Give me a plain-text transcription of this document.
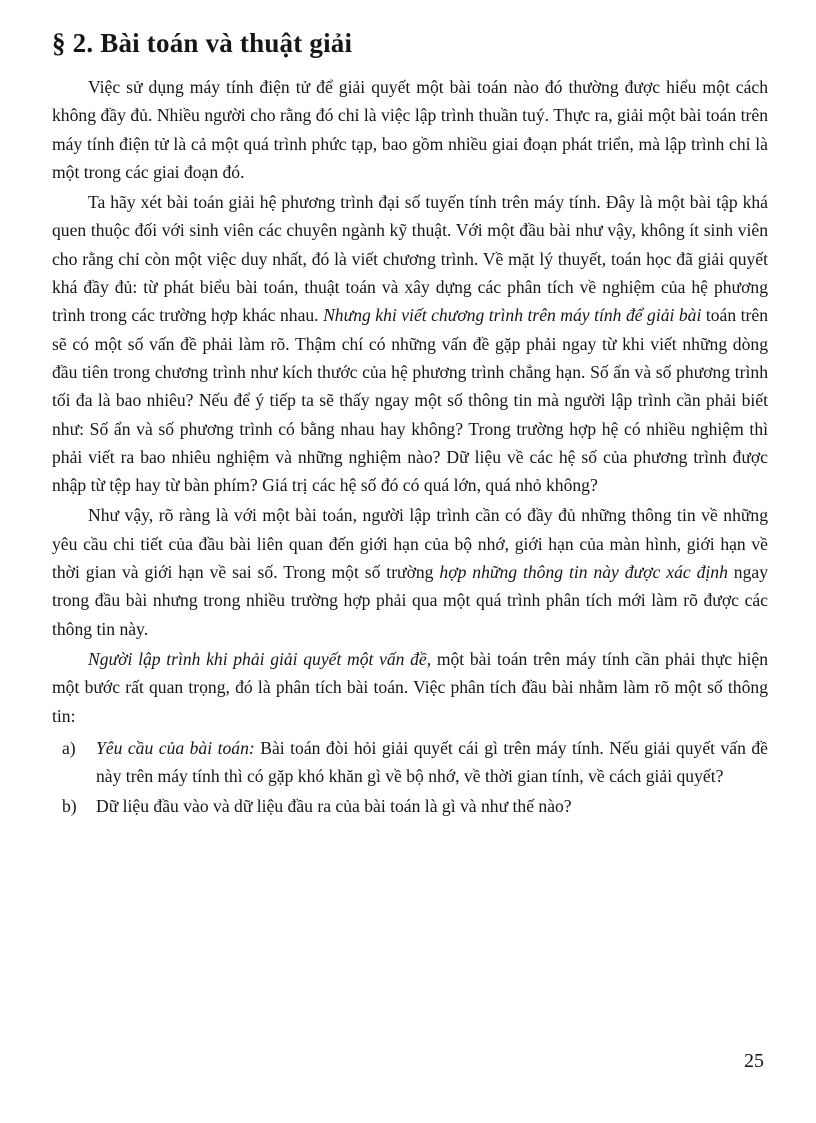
§ 2. Bài toán và thuật giải

Việc sử dụng máy tính điện tử để giải quyết một bài toán nào đó thường được hiểu một cách không đầy đủ. Nhiều người cho rằng đó chỉ là việc lập trình thuần tuý. Thực ra, giải một bài toán trên máy tính điện tử là cả một quá trình phức tạp, bao gồm nhiều giai đoạn phát triển, mà lập trình chỉ là một trong các giai đoạn đó.

Ta hãy xét bài toán giải hệ phương trình đại số tuyến tính trên máy tính. Đây là một bài tập khá quen thuộc đối với sinh viên các chuyên ngành kỹ thuật. Với một đầu bài như vậy, không ít sinh viên cho rằng chỉ còn một việc duy nhất, đó là viết chương trình. Về mặt lý thuyết, toán học đã giải quyết khá đầy đủ: từ phát biểu bài toán, thuật toán và xây dựng các phân tích về nghiệm của hệ phương trình trong các trường hợp khác nhau. Nhưng khi viết chương trình trên máy tính để giải bài toán trên sẽ có một số vấn đề phải làm rõ. Thậm chí có những vấn đề gặp phải ngay từ khi viết những dòng đầu tiên trong chương trình như kích thước của hệ phương trình chẳng hạn. Số ẩn và số phương trình tối đa là bao nhiêu? Nếu để ý tiếp ta sẽ thấy ngay một số thông tin mà người lập trình cần phải biết như: Số ẩn và số phương trình có bằng nhau hay không? Trong trường hợp hệ có nhiều nghiệm thì phải viết ra bao nhiêu nghiệm và những nghiệm nào? Dữ liệu về các hệ số của phương trình được nhập từ tệp hay từ bàn phím? Giá trị các hệ số đó có quá lớn, quá nhỏ không?

Như vậy, rõ ràng là với một bài toán, người lập trình cần có đầy đủ những thông tin về những yêu cầu chi tiết của đầu bài liên quan đến giới hạn của bộ nhớ, giới hạn của màn hình, giới hạn về thời gian và giới hạn về sai số. Trong một số trường hợp những thông tin này được xác định ngay trong đầu bài nhưng trong nhiều trường hợp phải qua một quá trình phân tích mới làm rõ được các thông tin này.

Người lập trình khi phải giải quyết một vấn đề, một bài toán trên máy tính cần phải thực hiện một bước rất quan trọng, đó là phân tích bài toán. Việc phân tích đầu bài nhằm làm rõ một số thông tin:

a) Yêu cầu của bài toán: Bài toán đòi hỏi giải quyết cái gì trên máy tính. Nếu giải quyết vấn đề này trên máy tính thì có gặp khó khăn gì về bộ nhớ, về thời gian tính, về cách giải quyết?
b) Dữ liệu đầu vào và dữ liệu đầu ra của bài toán là gì và như thế nào?
25
